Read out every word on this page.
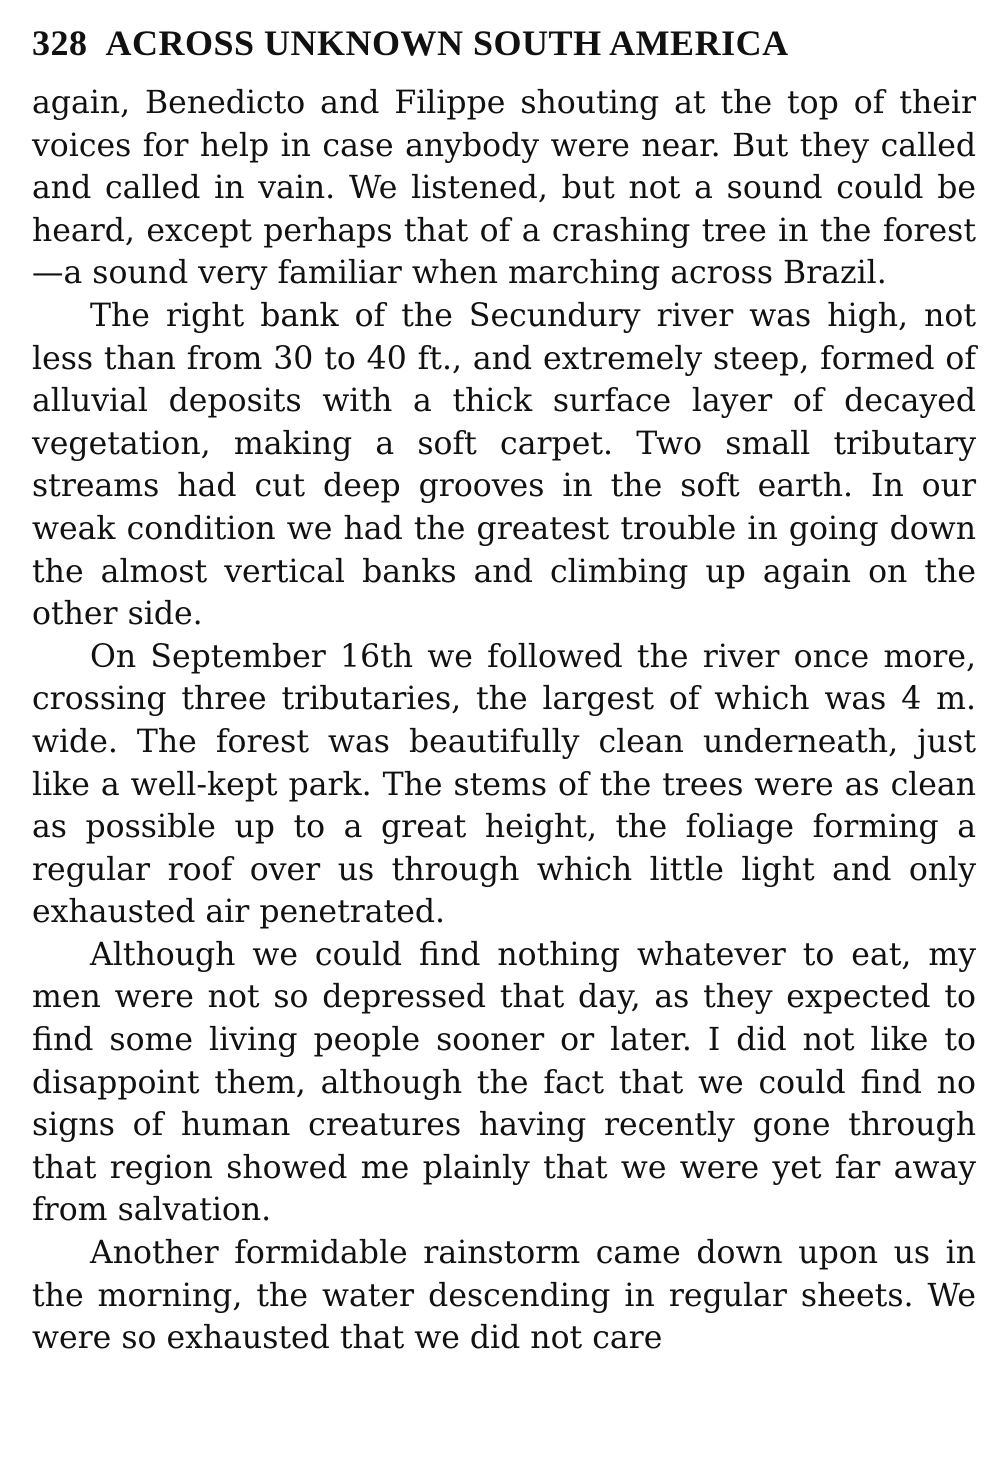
328 ACROSS UNKNOWN SOUTH AMERICA

again, Benedicto and Filippe shouting at the top of their voices for help in case anybody were near. But they called and called in vain. We listened, but not a sound could be heard, except perhaps that of a crashing tree in the forest—a sound very familiar when marching across Brazil.

The right bank of the Secundury river was high, not less than from 30 to 40 ft., and extremely steep, formed of alluvial deposits with a thick surface layer of decayed vegetation, making a soft carpet. Two small tributary streams had cut deep grooves in the soft earth. In our weak condition we had the greatest trouble in going down the almost vertical banks and climbing up again on the other side.

On September 16th we followed the river once more, crossing three tributaries, the largest of which was 4 m. wide. The forest was beautifully clean underneath, just like a well-kept park. The stems of the trees were as clean as possible up to a great height, the foliage forming a regular roof over us through which little light and only exhausted air penetrated.

Although we could find nothing whatever to eat, my men were not so depressed that day, as they expected to find some living people sooner or later. I did not like to disappoint them, although the fact that we could find no signs of human creatures having recently gone through that region showed me plainly that we were yet far away from salvation.

Another formidable rainstorm came down upon us in the morning, the water descending in regular sheets. We were so exhausted that we did not care
